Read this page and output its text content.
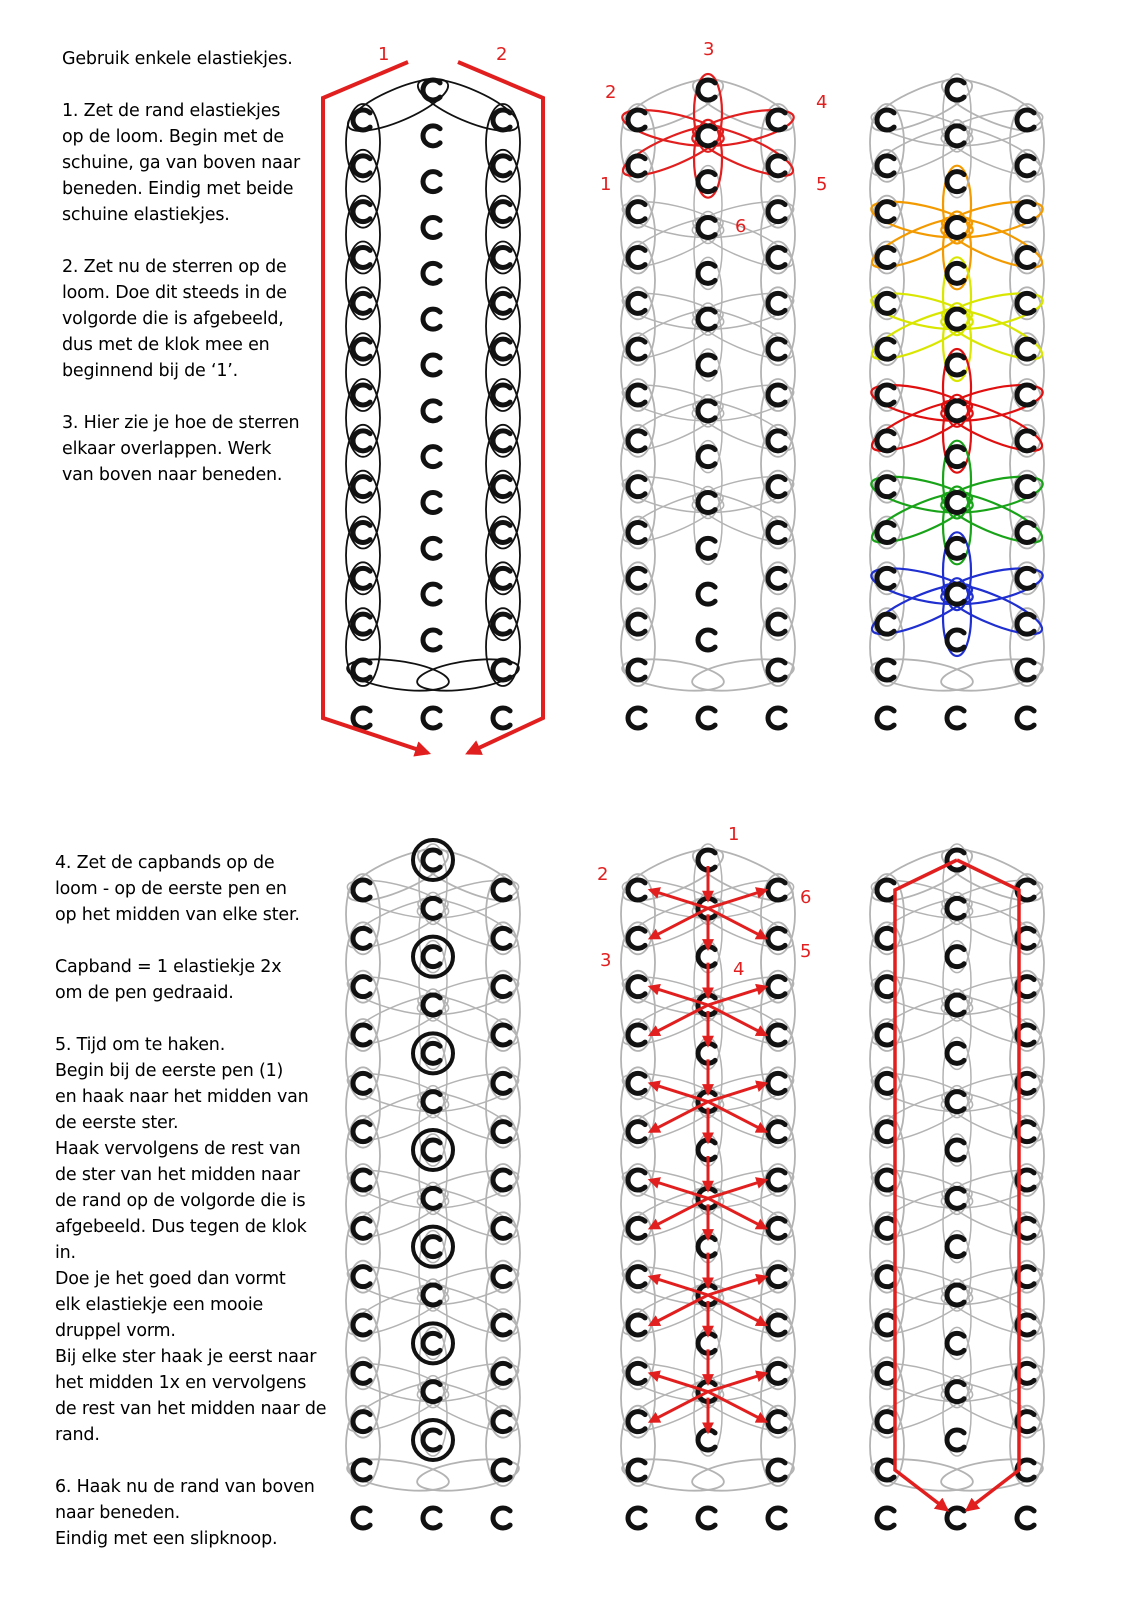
Gebruik enkele elastiekjes.

1. Zet de rand elastiekjes
op de loom. Begin met de
schuine, ga van boven naar
beneden. Eindig met beide
schuine elastiekjes.

2. Zet nu de sterren op de
loom. Doe dit steeds in de
volgorde die is afgebeeld,
dus met de klok mee en
beginnend bij de ‘1’.

3. Hier zie je hoe de sterren
elkaar overlappen. Werk
van boven naar beneden.
4. Zet de capbands op de
loom - op de eerste pen en
op het midden van elke ster.

Capband = 1 elastiekje 2x
om de pen gedraaid.

5. Tijd om te haken.
Begin bij de eerste pen (1)
en haak naar het midden van
de eerste ster.
Haak vervolgens de rest van
de ster van het midden naar
de rand op de volgorde die is
afgebeeld. Dus tegen de klok
in.
Doe je het goed dan vormt
elk elastiekje een mooie
druppel vorm.
Bij elke ster haak je eerst naar
het midden 1x en vervolgens
de rest van het midden naar de
rand.

6. Haak nu de rand van boven
naar beneden.
Eindig met een slipknoop.
1	2
2
3
4
1	5
6
1
2
3	4
5
6
